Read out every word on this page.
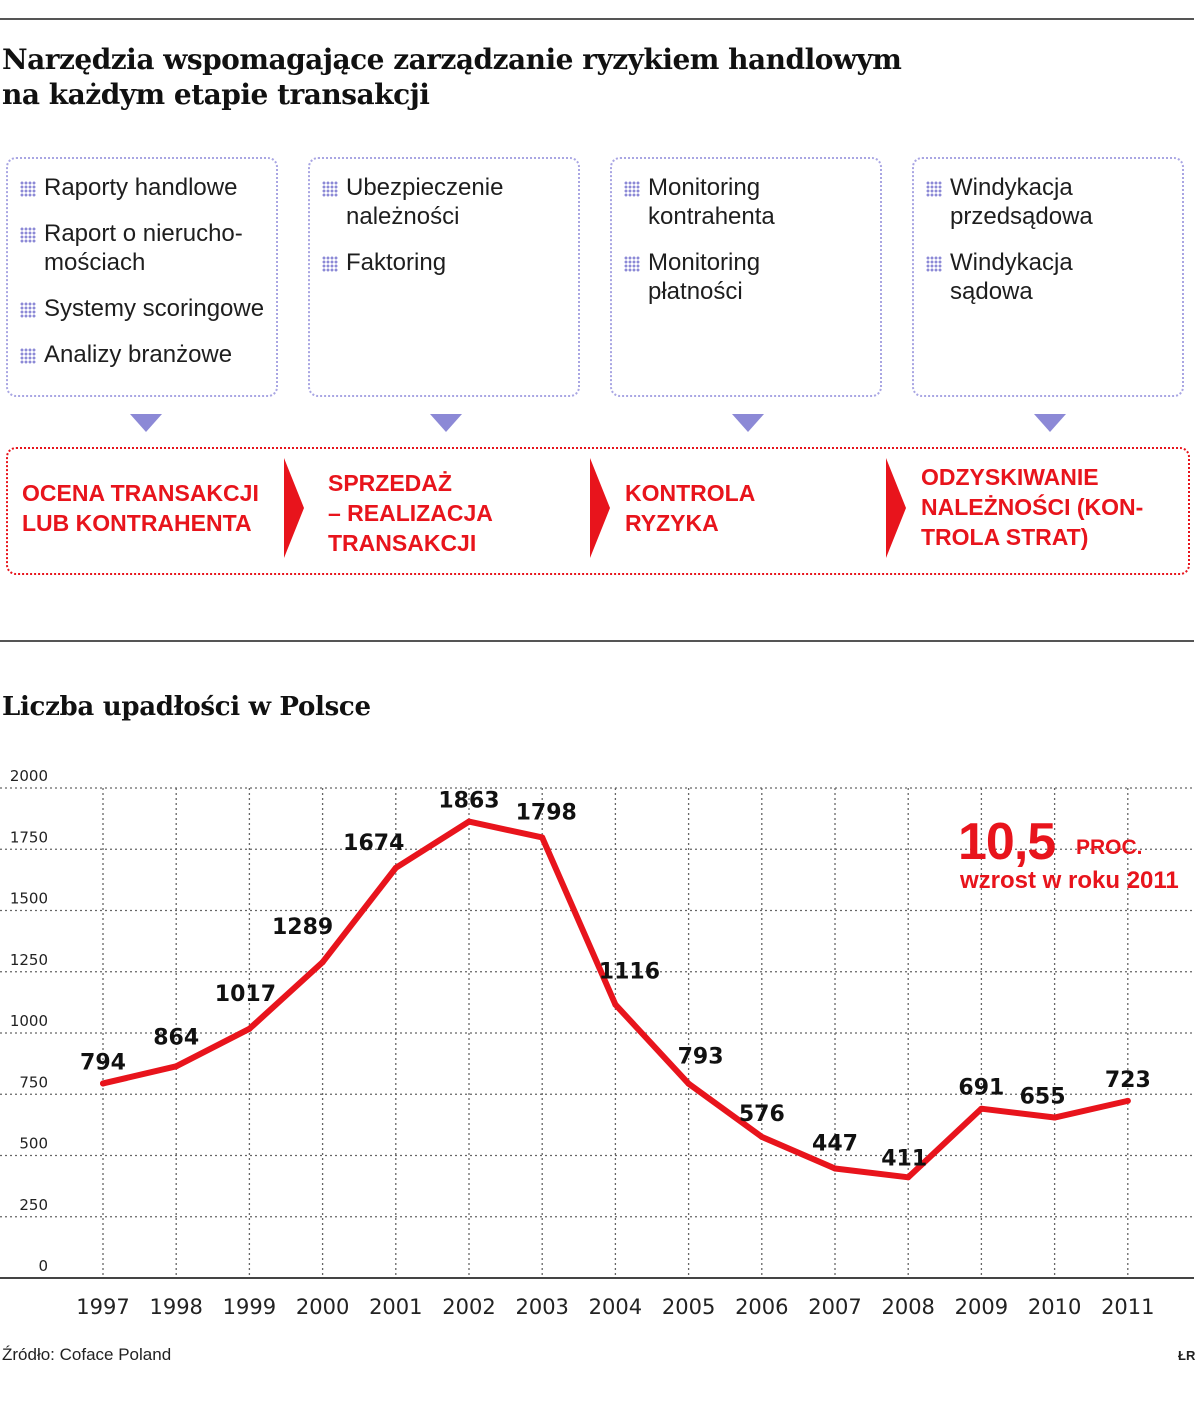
Narzędzia wspomagające zarządzanie ryzykiem handlowym
na każdym etapie transakcji
Raporty handlowe
Raport o nierucho-
mościach
Systemy scoringowe
Analizy branżowe
Ubezpieczenie
należności
Faktoring
Monitoring
kontrahenta
Monitoring
płatności
Windykacja
przedsądowa
Windykacja
sądowa
OCENA TRANSAKCJI
LUB KONTRAHENTA
SPRZEDAŻ
– REALIZACJA
TRANSAKCJI
KONTROLA
RYZYKA
ODZYSKIWANIE
NALEŻNOŚCI (KON-
TROLA STRAT)
Liczba upadłości w Polsce
0
250
500
750
1000
1250
1500
1750
2000
1997 1998 1999 2000 2001 2002 2003 2004 2005 2006 2007 2008 2009 2010 2011
794
864
1017
1289
1674
1863 1798
1116
793
576
447
411
691 655
723
10,5 PROC.
wzrost w roku 2011
Źródło: Coface Poland	ŁR
